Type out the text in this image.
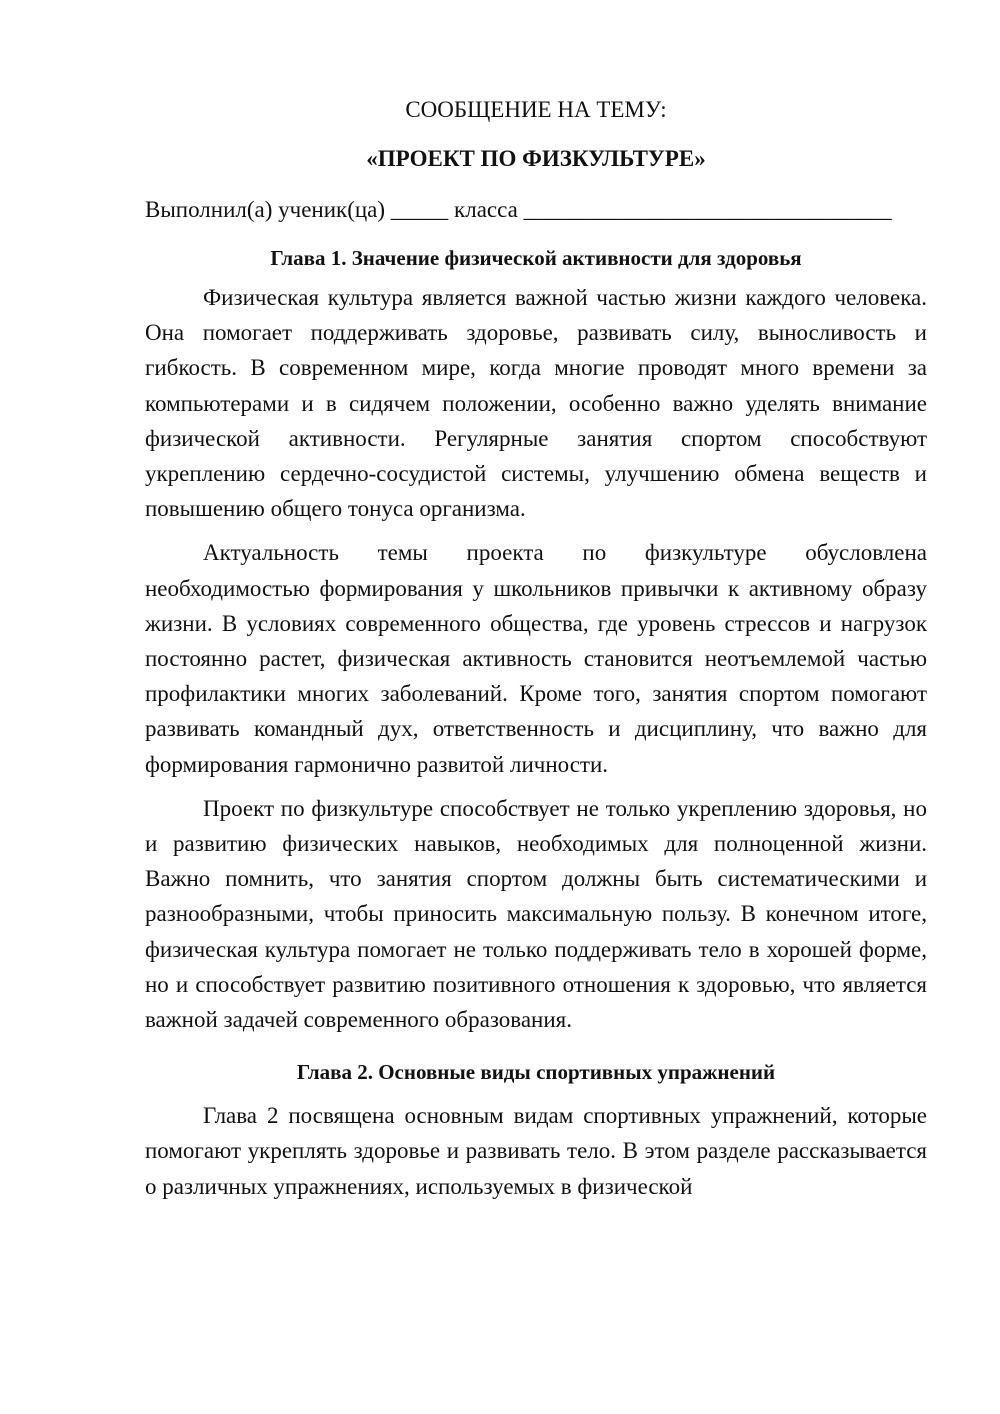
СООБЩЕНИЕ НА ТЕМУ:

«ПРОЕКТ ПО ФИЗКУЛЬТУРЕ»

Выполнил(а) ученик(ца) _____ класса ________________________________

Глава 1. Значение физической активности для здоровья

Физическая культура является важной частью жизни каждого человека. Она помогает поддерживать здоровье, развивать силу, выносливость и гибкость. В современном мире, когда многие проводят много времени за компьютерами и в сидячем положении, особенно важно уделять внимание физической активности. Регулярные занятия спортом способствуют укреплению сердечно-сосудистой системы, улучшению обмена веществ и повышению общего тонуса организма.

Актуальность темы проекта по физкультуре обусловлена необходимостью формирования у школьников привычки к активному образу жизни. В условиях современного общества, где уровень стрессов и нагрузок постоянно растет, физическая активность становится неотъемлемой частью профилактики многих заболеваний. Кроме того, занятия спортом помогают развивать командный дух, ответственность и дисциплину, что важно для формирования гармонично развитой личности.

Проект по физкультуре способствует не только укреплению здоровья, но и развитию физических навыков, необходимых для полноценной жизни. Важно помнить, что занятия спортом должны быть систематическими и разнообразными, чтобы приносить максимальную пользу. В конечном итоге, физическая культура помогает не только поддерживать тело в хорошей форме, но и способствует развитию позитивного отношения к здоровью, что является важной задачей современного образования.

Глава 2. Основные виды спортивных упражнений

Глава 2 посвящена основным видам спортивных упражнений, которые помогают укреплять здоровье и развивать тело. В этом разделе рассказывается о различных упражнениях, используемых в физической
